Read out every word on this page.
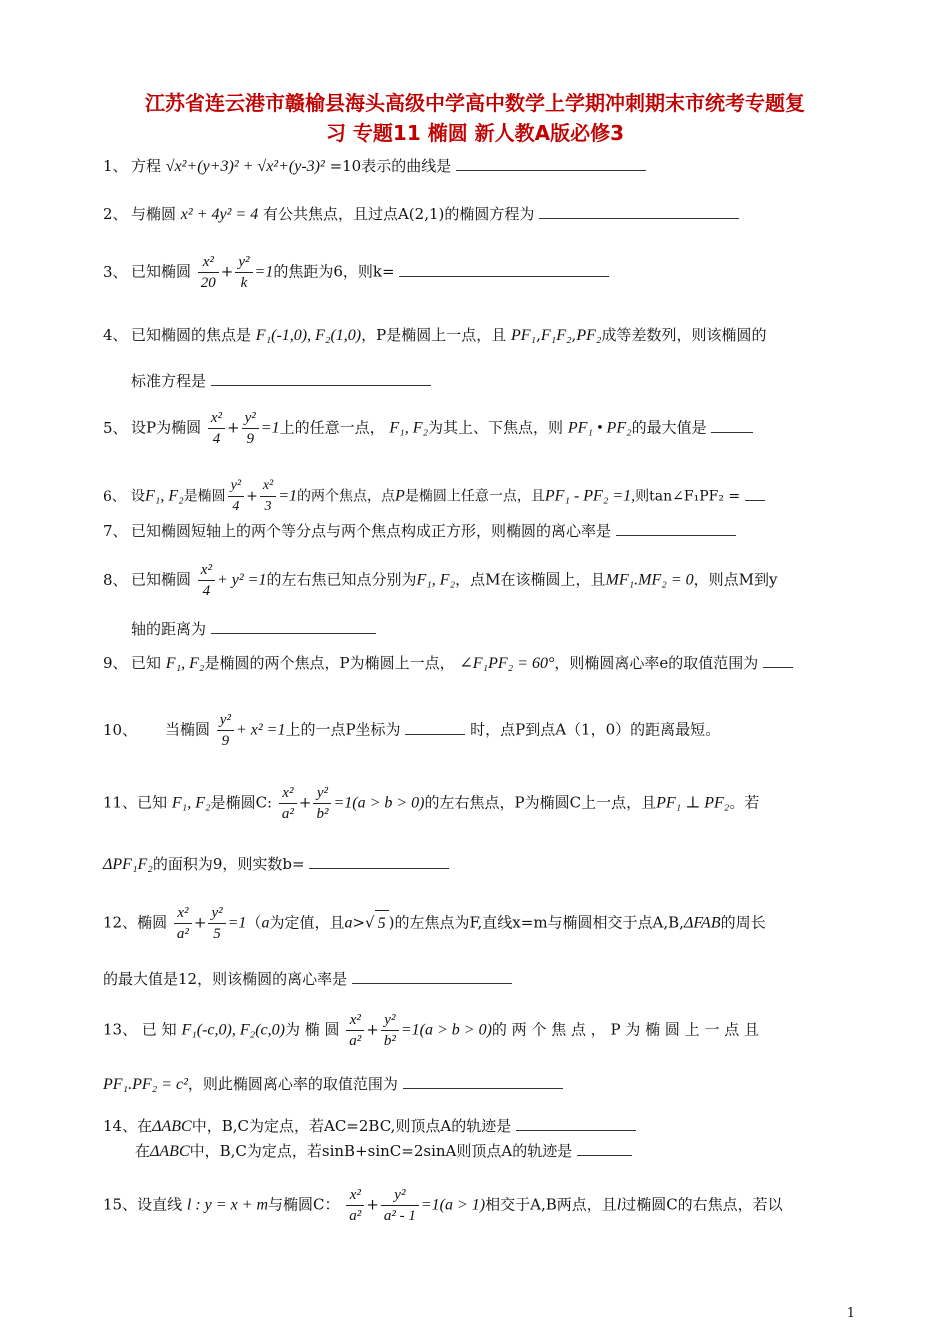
江苏省连云港市赣榆县海头高级中学高中数学上学期冲刺期末市统考专题复
习 专题11 椭圆 新人教A版必修3
1、 方程 √x²+(y+3)² + √x²+(y-3)² =10表示的曲线是
2、 与椭圆 x² + 4y² = 4 有公共焦点，且过点A(2,1)的椭圆方程为
3、 已知椭圆 $\frac{\text{x²}}{20} + \frac{\text{y²}}{k} =1$的焦距为6，则k=
4、 已知椭圆的焦点是 F₁(-1,0), F₂(1,0)，P是椭圆上一点，且 PF₁,F₁F₂,PF₂成等差数列，则该椭圆的
标准方程是
5、 设P为椭圆 $\frac{\text{x²}}{4} + \frac{\text{y²}}{9} =1$上的任意一点， F₁, F₂为其上、下焦点，则 PF₁ • PF₂的最大值是
6、 设F₁, F₂是椭圆 $\frac{\text{y²}}{4} + \frac{\text{x²}}{3} =1$的两个焦点，点P是椭圆上任意一点，且PF₁ - PF₂ =1,则tan∠F₁PF₂ =
7、 已知椭圆短轴上的两个等分点与两个焦点构成正方形，则椭圆的离心率是
8、 已知椭圆 $\frac{\text{x²}}{4} + y^2 =1$的左右焦已知点分别为F₁, F₂，点M在该椭圆上，且MF₁.MF₂ = 0，则点M到y
轴的距离为
9、 已知 F₁, F₂是椭圆的两个焦点，P为椭圆上一点， ∠F₁PF₂ = 60°，则椭圆离心率e的取值范围为
10、 当椭圆 $\frac{\text{y²}}{9} + x^2 =1$上的一点P坐标为	时，点P到点A（1，0）的距离最短。
11、已知 F₁, F₂是椭圆C: $\frac{\text{x²}}{\text{a²}} + \frac{\text{y²}}{\text{b²}} =1(a > b > 0)$的左右焦点，P为椭圆C上一点，且PF₁ ⊥ PF₂。若
ΔPF₁F₂的面积为9，则实数b=
12、椭圆 $\frac{\text{x²}}{\text{a²}} + \frac{\text{y²}}{5} =1(a$为定值，且a>√ 5 )的左焦点为F,直线x=m与椭圆相交于点A,B,ΔFAB的周长
的最大值是12，则该椭圆的离心率是
13、 已 知 F₁(-c,0), F₂(c,0)为 椭 圆 $\frac{\text{x²}}{\text{a²}} + \frac{\text{y²}}{\text{b²}} =1(a > b > 0)$的 两 个 焦 点 ， P 为 椭 圆 上 一 点 且
PF₁.PF₂ = c²，则此椭圆离心率的取值范围为
14、在ΔABC中，B,C为定点，若AC=2BC,则顶点A的轨迹是
在ΔABC中，B,C为定点，若sinB+sinC=2sinA则顶点A的轨迹是
15、设直线 l : y = x + m与椭圆C： $\frac{\text{x²}}{\text{a²}} + \frac{\text{y²}}{\text{a² - 1}} =1(a > 1)$相交于A,B两点，且l过椭圆C的右焦点，若以
1
